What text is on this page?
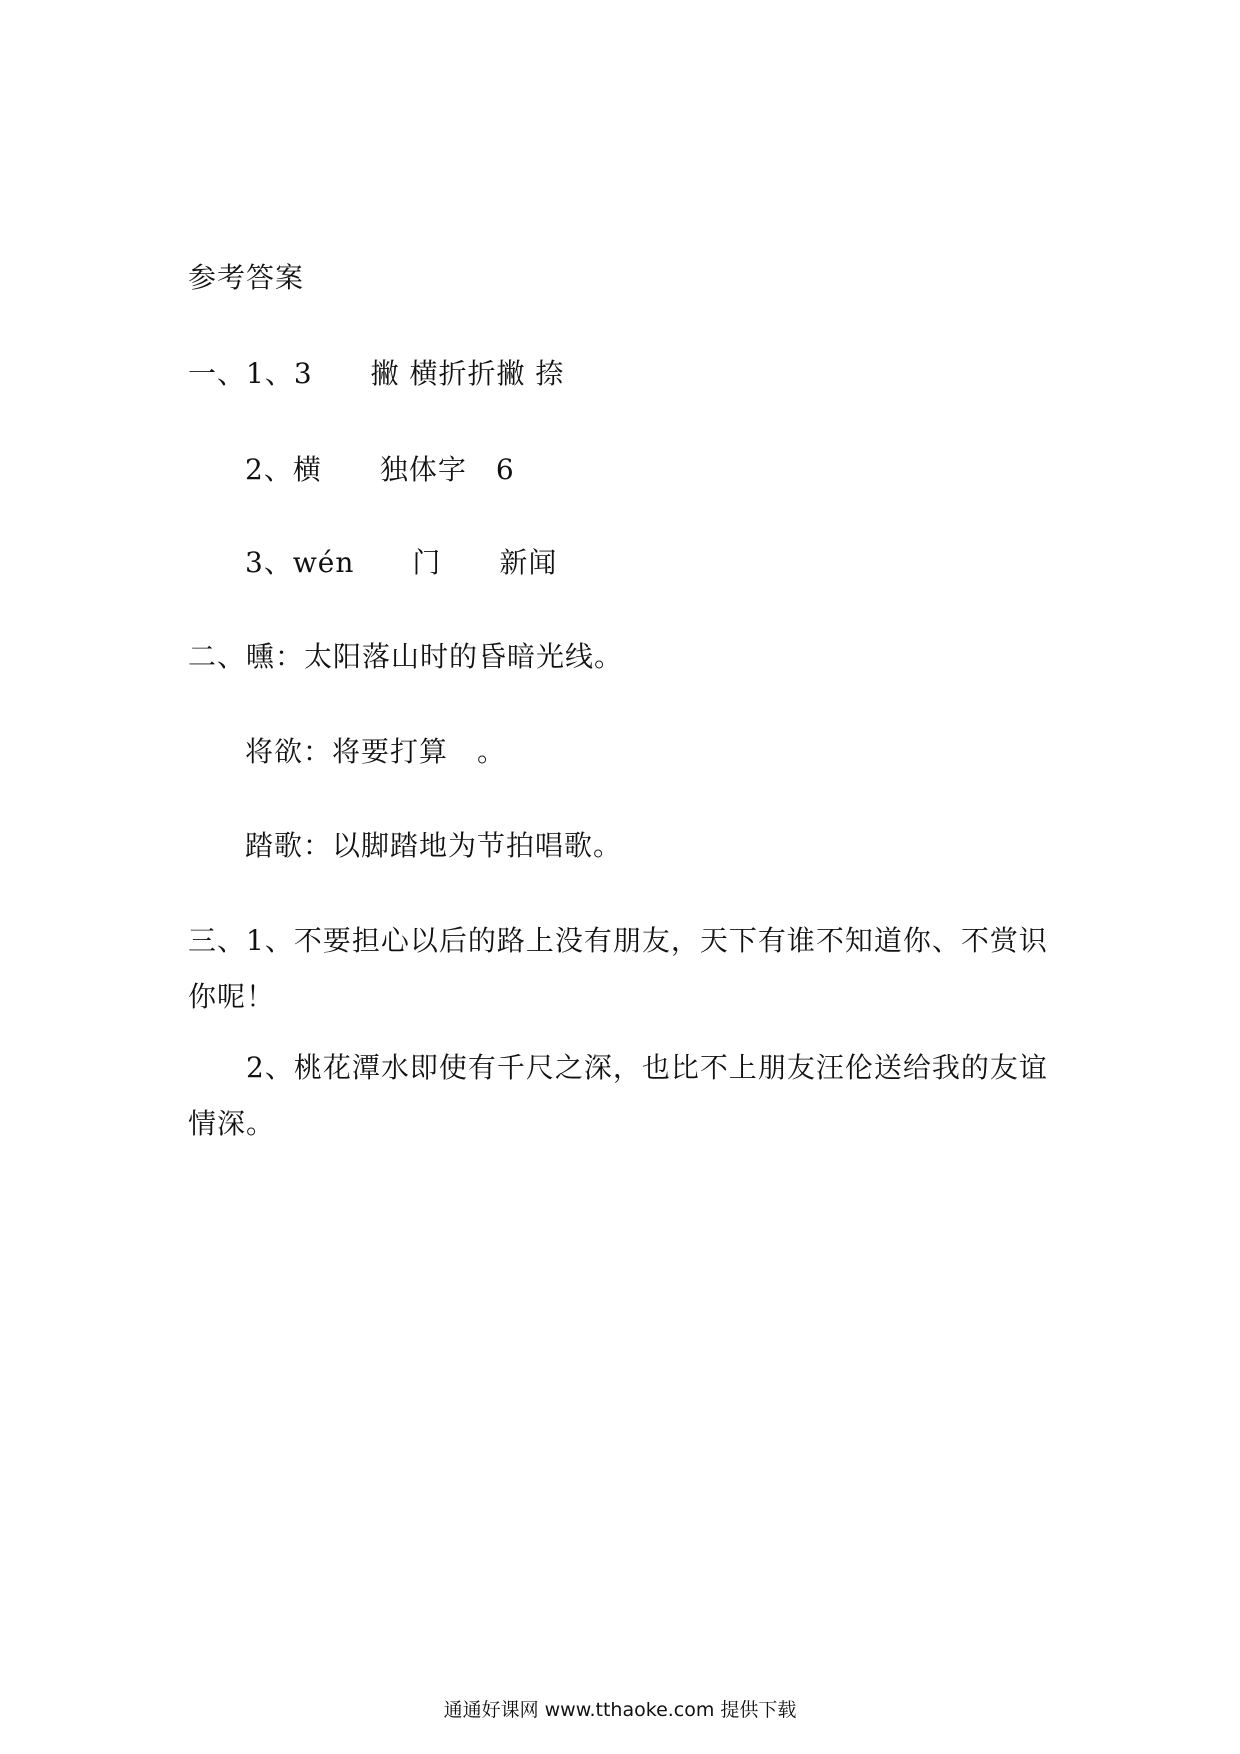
参考答案
一、1、3　　撇 横折折撇 捺
2、横　　独体字　6
3、wén　　门　　新闻
二、曛：太阳落山时的昏暗光线。
将欲：将要打算　。
踏歌：以脚踏地为节拍唱歌。
三、1、不要担心以后的路上没有朋友，天下有谁不知道你、不赏识你呢！
　　2、桃花潭水即使有千尺之深，也比不上朋友汪伦送给我的友谊情深。
通通好课网 www.tthaoke.com 提供下载
